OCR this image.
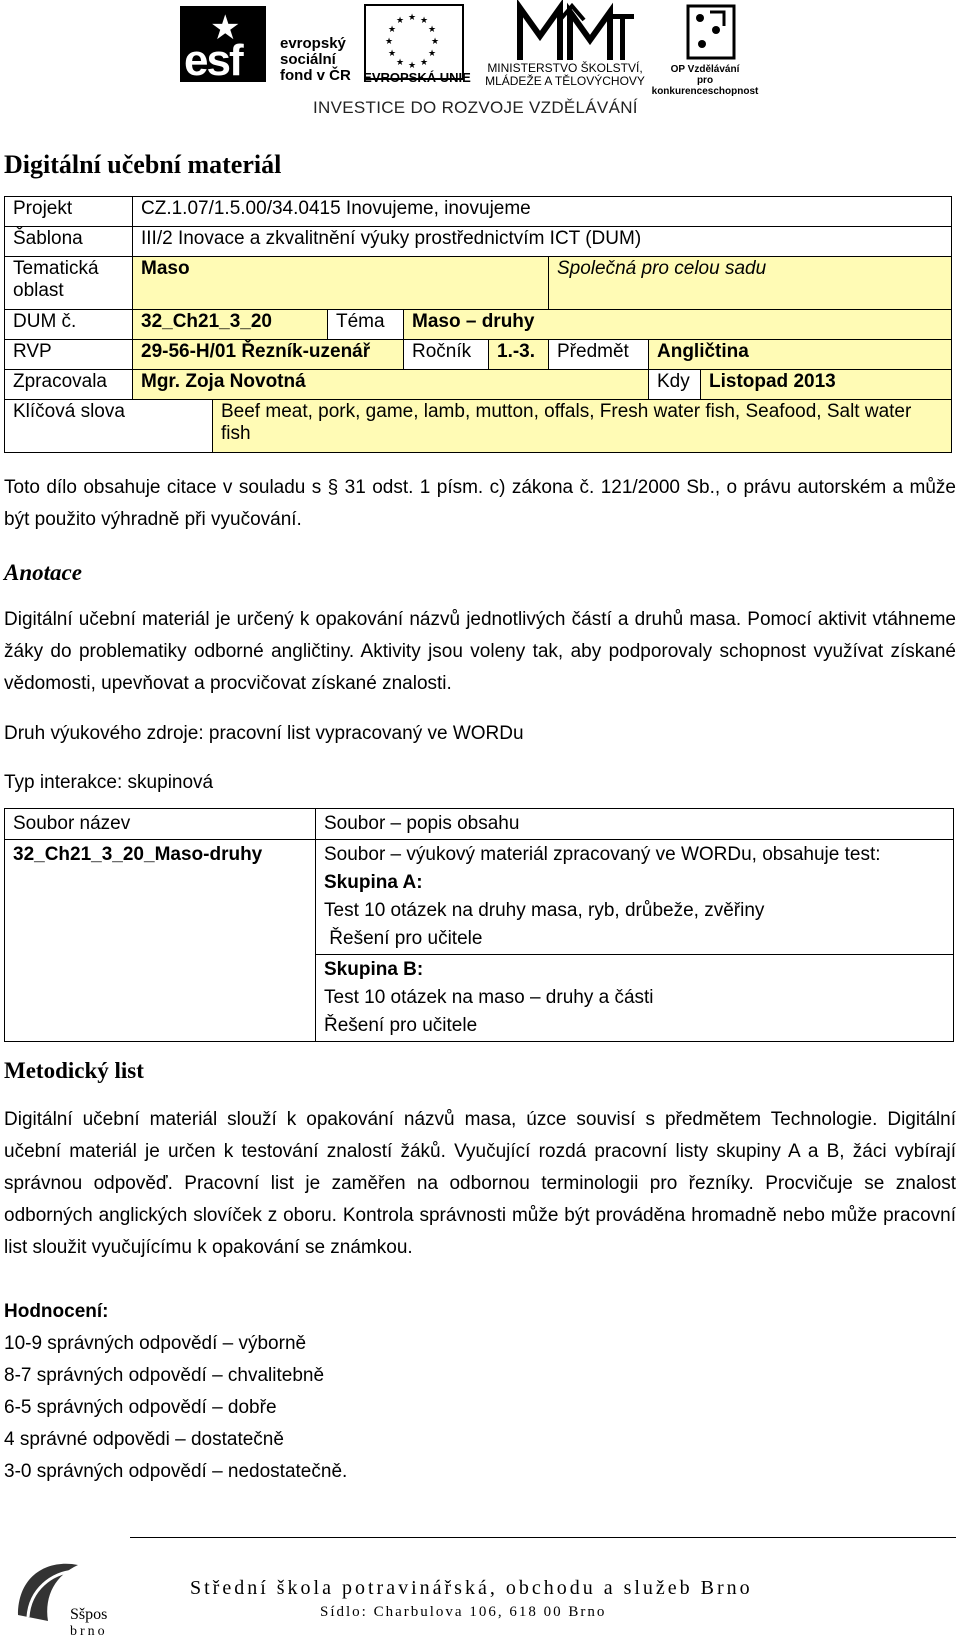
★
esf	evropský
sociální
fond v ČR
★ ★
★
★
★
★
★
★
★
★
★
★
EVROPSKÁ UNIE
MINISTERSTVO ŠKOLSTVÍ,
MLÁDEŽE A TĚLOVÝCHOVY
OP Vzdělávání
pro konkurenceschopnost
INVESTICE DO ROZVOJE VZDĚLÁVÁNÍ
Digitální učební materiál
Projekt	CZ.1.07/1.5.00/34.0415 Inovujeme, inovujeme							
Šablona	III/2 Inovace a zkvalitnění výuky prostřednictvím ICT (DUM)							
Tematická oblast	Maso					Společná pro celou sadu		
DUM č.	32_Ch21_3_20		Téma	Maso – druhy				
RVP	29-56-H/01 Řezník-uzenář			Ročník	1.-3.	Předmět	Angličtina	
Zpracovala	Mgr. Zoja Novotná						Kdy	Listopad 2013
Klíčová slova		Beef meat, pork, game, lamb, mutton, offals, Fresh water fish, Seafood, Salt water fish						
Toto dílo obsahuje citace v souladu s § 31 odst. 1 písm. c) zákona č. 121/2000 Sb., o právu autorském a může být použito výhradně při vyučování.
Anotace
Digitální učební materiál je určený k opakování názvů jednotlivých částí a druhů masa. Pomocí aktivit vtáhneme žáky do problematiky odborné angličtiny. Aktivity jsou voleny tak, aby podporovaly schopnost využívat získané vědomosti, upevňovat a procvičovat získané znalosti.
Druh výukového zdroje: pracovní list vypracovaný ve WORDu
Typ interakce: skupinová
Soubor název	Soubor – popis obsahu
32_Ch21_3_20_Maso-druhy	Soubor – výukový materiál zpracovaný ve WORDu, obsahuje test:
Skupina A:
Test 10 otázek na druhy masa, ryb, drůbeže, zvěřiny
Řešení pro učitele

	Skupina B:
Test 10 otázek na maso – druhy a části
Řešení pro učitele
Metodický list
Digitální učební materiál slouží k opakování názvů masa, úzce souvisí s předmětem Technologie. Digitální učební materiál je určen k testování znalostí žáků. Vyučující rozdá pracovní listy skupiny A a B, žáci vybírají správnou odpověď. Pracovní list je zaměřen na odbornou terminologii pro řezníky. Procvičuje se znalost odborných anglických slovíček z oboru. Kontrola správnosti může být prováděna hromadně nebo může pracovní list sloužit vyučujícímu k opakování se známkou.
Hodnocení:
10-9 správných odpovědí – výborně
8-7 správných odpovědí – chvalitebně
6-5 správných odpovědí – dobře
4 správné odpovědi – dostatečně
3-0 správných odpovědí – nedostatečně.
Sšpos
brno
Střední škola potravinářská, obchodu a služeb Brno
Sídlo: Charbulova 106, 618 00 Brno
